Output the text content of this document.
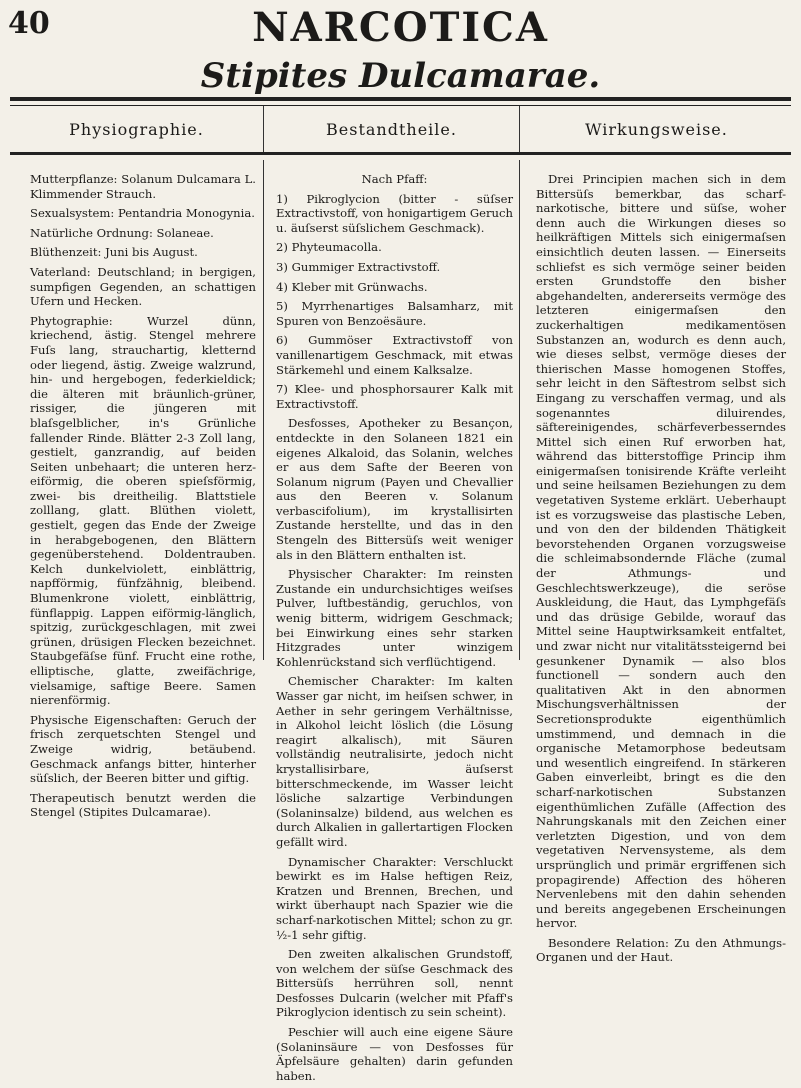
40	NARCOTICA
Stipites Dulcamarae.
Physiographie.	Bestandtheile.	Wirkungsweise.

Mutterpflanze: Solanum Dulcamara L. Klimmender Strauch.

Sexualsystem: Pentandria Monogynia.

Natürliche Ordnung: Solaneae.

Blüthenzeit: Juni bis August.

Vaterland: Deutschland; in bergigen, sumpfigen Gegenden, an schattigen Ufern und Hecken.

Phytographie: Wurzel dünn, kriechend, ästig. Stengel mehrere Fuſs lang, strauchartig, kletternd oder liegend, ästig. Zweige walzrund, hin- und hergebogen, federkieldick; die älteren mit bräunlich-grüner, rissiger, die jüngeren mit blaſsgelblicher, in's Grünliche fallender Rinde. Blätter 2-3 Zoll lang, gestielt, ganzrandig, auf beiden Seiten unbehaart; die unteren herz-eiförmig, die oberen spieſsförmig, zwei- bis dreitheilig. Blattstiele zolllang, glatt. Blüthen violett, gestielt, gegen das Ende der Zweige in herabgebogenen, den Blättern gegenüberstehend. Doldentrauben. Kelch dunkelviolett, einblättrig, napfförmig, fünfzähnig, bleibend. Blumenkrone violett, einblättrig, fünflappig. Lappen eiförmig-länglich, spitzig, zurückgeschlagen, mit zwei grünen, drüsigen Flecken bezeichnet. Staubgefäſse fünf. Frucht eine rothe, elliptische, glatte, zweifächrige, vielsamige, saftige Beere. Samen nierenförmig.

Physische Eigenschaften: Geruch der frisch zerquetschten Stengel und Zweige widrig, betäubend. Geschmack anfangs bitter, hinterher süſslich, der Beeren bitter und giftig.

Therapeutisch benutzt werden die Stengel (Stipites Dulcamarae).

Nach Pfaff:

1) Pikroglycion (bitter - süſser Extractivstoff, von honigartigem Geruch u. äuſserst süſslichem Geschmack).

2) Phyteumacolla.

3) Gummiger Extractivstoff.

4) Kleber mit Grünwachs.

5) Myrrhenartiges Balsamharz, mit Spuren von Benzoësäure.

6) Gummöser Extractivstoff von vanillenartigem Geschmack, mit etwas Stärkemehl und einem Kalksalze.

7) Klee- und phosphorsaurer Kalk mit Extractivstoff.

Desfosses, Apotheker zu Besançon, entdeckte in den Solaneen 1821 ein eigenes Alkaloid, das Solanin, welches er aus dem Safte der Beeren von Solanum nigrum (Payen und Chevallier aus den Beeren v. Solanum verbascifolium), im krystallisirten Zustande herstellte, und das in den Stengeln des Bittersüſs weit weniger als in den Blättern enthalten ist.

Physischer Charakter: Im reinsten Zustande ein undurchsichtiges weiſses Pulver, luftbeständig, geruchlos, von wenig bitterm, widrigem Geschmack; bei Einwirkung eines sehr starken Hitzgrades unter winzigem Kohlenrückstand sich verflüchtigend.

Chemischer Charakter: Im kalten Wasser gar nicht, im heiſsen schwer, in Aether in sehr geringem Verhältnisse, in Alkohol leicht löslich (die Lösung reagirt alkalisch), mit Säuren vollständig neutralisirte, jedoch nicht krystallisirbare, äuſserst bitterschmeckende, im Wasser leicht lösliche salzartige Verbindungen (Solaninsalze) bildend, aus welchen es durch Alkalien in gallertartigen Flocken gefällt wird.

Dynamischer Charakter: Verschluckt bewirkt es im Halse heftigen Reiz, Kratzen und Brennen, Brechen, und wirkt überhaupt nach Spazier wie die scharf-narkotischen Mittel; schon zu gr. ½-1 sehr giftig.

Den zweiten alkalischen Grundstoff, von welchem der süſse Geschmack des Bittersüſs herrühren soll, nennt Desfosses Dulcarin (welcher mit Pfaff's Pikroglycion identisch zu sein scheint).

Peschier will auch eine eigene Säure (Solaninsäure — von Desfosses für Äpfelsäure gehalten) darin gefunden haben.

Drei Principien machen sich in dem Bittersüſs bemerkbar, das scharf-narkotische, bittere und süſse, woher denn auch die Wirkungen dieses so heilkräftigen Mittels sich einigermaſsen einsichtlich deuten lassen. — Einerseits schliefst es sich vermöge seiner beiden ersten Grundstoffe den bisher abgehandelten, andererseits vermöge des letzteren einigermaſsen den zuckerhaltigen medikamentösen Substanzen an, wodurch es denn auch, wie dieses selbst, vermöge dieses der thierischen Masse homogenen Stoffes, sehr leicht in den Säftestrom selbst sich Eingang zu verschaffen vermag, und als sogenanntes diluirendes, säftereinigendes, schärfeverbesserndes Mittel sich einen Ruf erworben hat, während das bitterstoffige Princip ihm einigermaſsen tonisirende Kräfte verleiht und seine heilsamen Beziehungen zu dem vegetativen Systeme erklärt. Ueberhaupt ist es vorzugsweise das plastische Leben, und von den der bildenden Thätigkeit bevorstehenden Organen vorzugsweise die schleimabsondernde Fläche (zumal der Athmungs- und Geschlechtswerkzeuge), die seröse Auskleidung, die Haut, das Lymphgefäſs und das drüsige Gebilde, worauf das Mittel seine Hauptwirksamkeit entfaltet, und zwar nicht nur vitalitätssteigernd bei gesunkener Dynamik — also blos functionell — sondern auch den qualitativen Akt in den abnormen Mischungsverhältnissen der Secretionsprodukte eigenthümlich umstimmend, und demnach in die organische Metamorphose bedeutsam und wesentlich eingreifend. In stärkeren Gaben einverleibt, bringt es die den scharf-narkotischen Substanzen eigenthümlichen Zufälle (Affection des Nahrungskanals mit den Zeichen einer verletzten Digestion, und von dem vegetativen Nervensysteme, als dem ursprünglich und primär ergriffenen sich propagirende) Affection des höheren Nervenlebens mit den dahin sehenden und bereits angegebenen Erscheinungen hervor.

Besondere Relation: Zu den Athmungs-Organen und der Haut.
